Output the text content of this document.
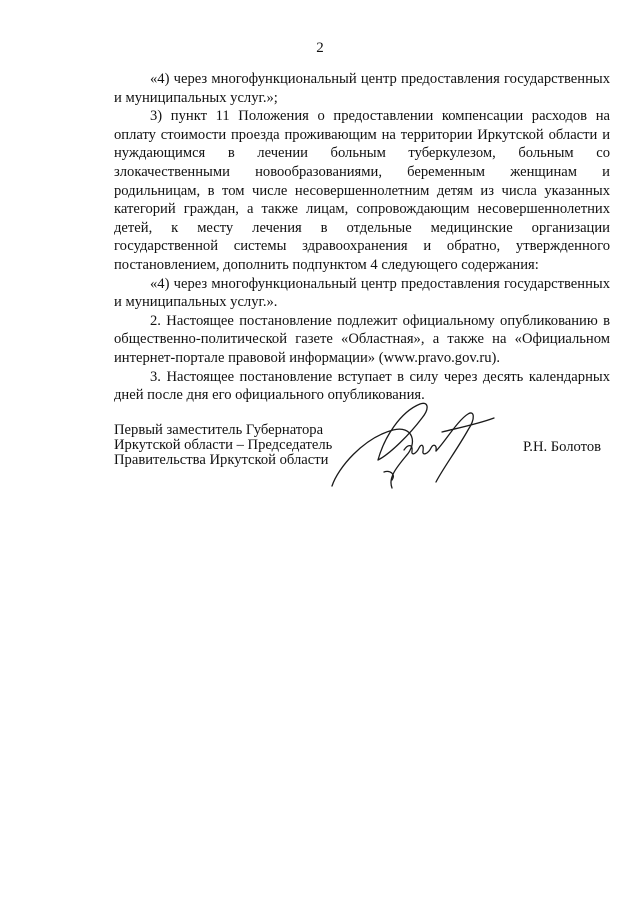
2

«4) через многофункциональный центр предоставления государственных и муниципальных услуг.»;

3) пункт 11 Положения о предоставлении компенсации расходов на оплату стоимости проезда проживающим на территории Иркутской области и нуждающимся в лечении больным туберкулезом, больным со злокачественными новообразованиями, беременным женщинам и родильницам, в том числе несовершеннолетним детям из числа указанных категорий граждан, а также лицам, сопровождающим несовершеннолетних детей, к месту лечения в отдельные медицинские организации государственной системы здравоохранения и обратно, утвержденного постановлением, дополнить подпунктом 4 следующего содержания:

«4) через многофункциональный центр предоставления государственных и муниципальных услуг.».

2. Настоящее постановление подлежит официальному опубликованию в общественно-политической газете «Областная», а также на «Официальном интернет-портале правовой информации» (www.pravo.gov.ru).

3. Настоящее постановление вступает в силу через десять календарных дней после дня его официального опубликования.

Первый заместитель Губернатора
Иркутской области – Председатель
Правительства Иркутской области
Р.Н. Болотов
